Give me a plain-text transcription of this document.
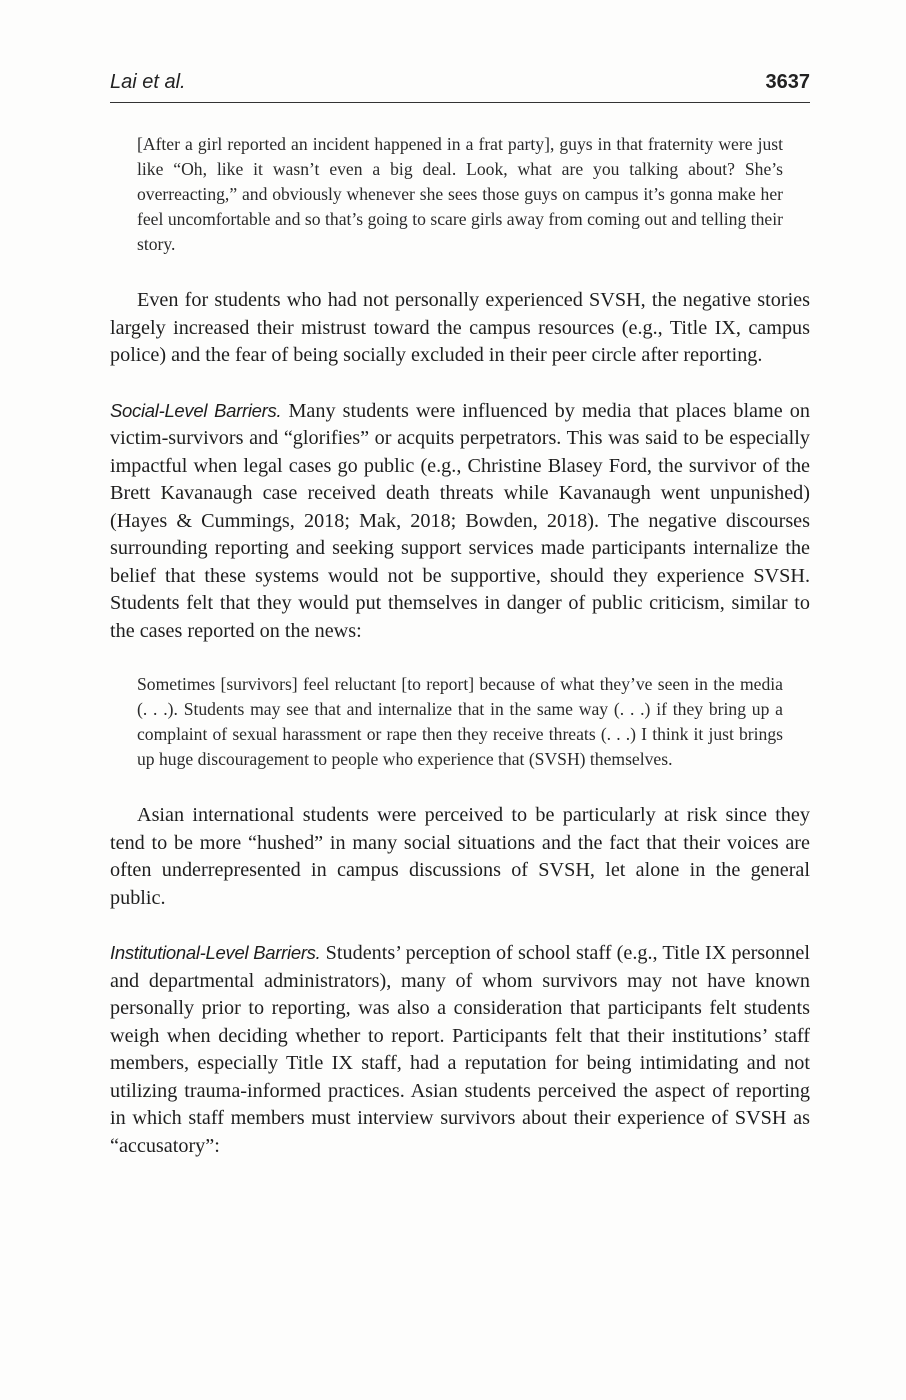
Lai et al.	3637

[After a girl reported an incident happened in a frat party], guys in that fraternity were just like “Oh, like it wasn’t even a big deal. Look, what are you talking about? She’s overreacting,” and obviously whenever she sees those guys on campus it’s gonna make her feel uncomfortable and so that’s going to scare girls away from coming out and telling their story.

Even for students who had not personally experienced SVSH, the negative stories largely increased their mistrust toward the campus resources (e.g., Title IX, campus police) and the fear of being socially excluded in their peer circle after reporting.

Social-Level Barriers. Many students were influenced by media that places blame on victim-survivors and “glorifies” or acquits perpetrators. This was said to be especially impactful when legal cases go public (e.g., Christine Blasey Ford, the survivor of the Brett Kavanaugh case received death threats while Kavanaugh went unpunished) (Hayes & Cummings, 2018; Mak, 2018; Bowden, 2018). The negative discourses surrounding reporting and seeking support services made participants internalize the belief that these systems would not be supportive, should they experience SVSH. Students felt that they would put themselves in danger of public criticism, similar to the cases reported on the news:

Sometimes [survivors] feel reluctant [to report] because of what they’ve seen in the media (. . .). Students may see that and internalize that in the same way (. . .) if they bring up a complaint of sexual harassment or rape then they receive threats (. . .) I think it just brings up huge discouragement to people who experience that (SVSH) themselves.

Asian international students were perceived to be particularly at risk since they tend to be more “hushed” in many social situations and the fact that their voices are often underrepresented in campus discussions of SVSH, let alone in the general public.

Institutional-Level Barriers. Students’ perception of school staff (e.g., Title IX personnel and departmental administrators), many of whom survivors may not have known personally prior to reporting, was also a consideration that participants felt students weigh when deciding whether to report. Participants felt that their institutions’ staff members, especially Title IX staff, had a reputation for being intimidating and not utilizing trauma-informed practices. Asian students perceived the aspect of reporting in which staff members must interview survivors about their experience of SVSH as “accusatory”:
